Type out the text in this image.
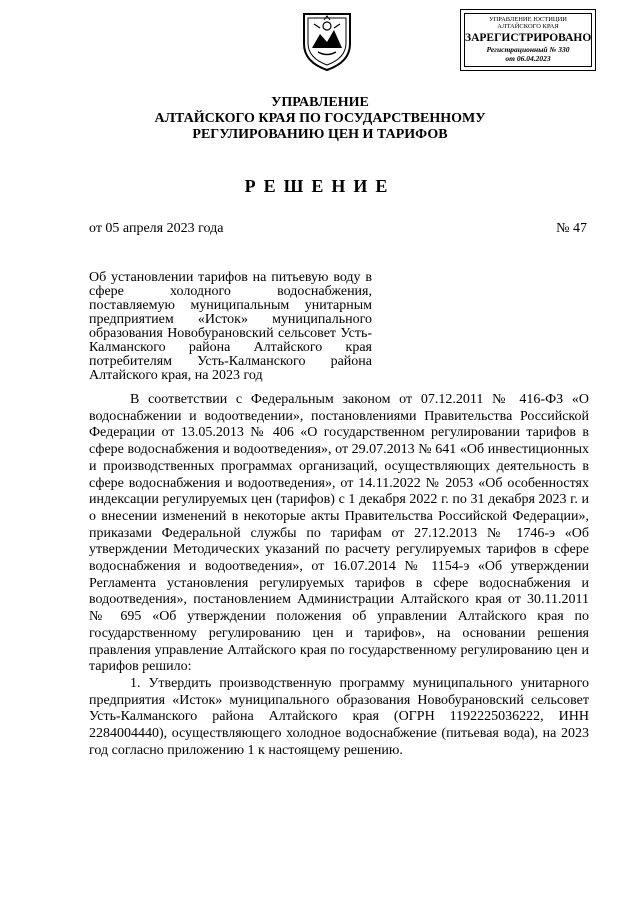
УПРАВЛЕНИЕ ЮСТИЦИИ
АЛТАЙСКОГО КРАЯ
ЗАРЕГИСТРИРОВАНО
Регистрационный № 330
от 06.04.2023
УПРАВЛЕНИЕ
АЛТАЙСКОГО КРАЯ ПО ГОСУДАРСТВЕННОМУ
РЕГУЛИРОВАНИЮ ЦЕН И ТАРИФОВ
РЕШЕНИЕ
от 05 апреля 2023 года	№ 47
Об установлении тарифов на питьевую воду в сфере холодного водоснабжения, поставляемую муниципальным унитарным предприятием «Исток» муниципального образования Новобурановский сельсовет Усть-Калманского района Алтайского края потребителям Усть-Калманского района Алтайского края, на 2023 год

В соответствии с Федеральным законом от 07.12.2011 № 416-ФЗ «О водоснабжении и водоотведении», постановлениями Правительства Российской Федерации от 13.05.2013 № 406 «О государственном регулировании тарифов в сфере водоснабжения и водоотведения», от 29.07.2013 № 641 «Об инвестиционных и производственных программах организаций, осуществляющих деятельность в сфере водоснабжения и водоотведения», от 14.11.2022 № 2053 «Об особенностях индексации регулируемых цен (тарифов) с 1 декабря 2022 г. по 31 декабря 2023 г. и о внесении изменений в некоторые акты Правительства Российской Федерации», приказами Федеральной службы по тарифам от 27.12.2013 № 1746-э «Об утверждении Методических указаний по расчету регулируемых тарифов в сфере водоснабжения и водоотведения», от 16.07.2014 № 1154-э «Об утверждении Регламента установления регулируемых тарифов в сфере водоснабжения и водоотведения», постановлением Администрации Алтайского края от 30.11.2011 № 695 «Об утверждении положения об управлении Алтайского края по государственному регулированию цен и тарифов», на основании решения правления управление Алтайского края по государственному регулированию цен и тарифов решило:

1. Утвердить производственную программу муниципального унитарного предприятия «Исток» муниципального образования Новобурановский сельсовет Усть-Калманского района Алтайского края (ОГРН 1192225036222, ИНН 2284004440), осуществляющего холодное водоснабжение (питьевая вода), на 2023 год согласно приложению 1 к настоящему решению.
